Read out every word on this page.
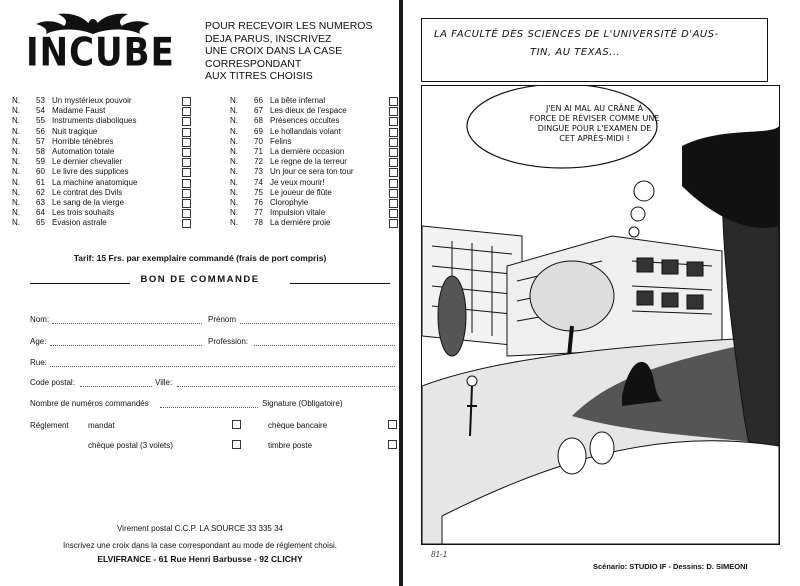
INCUBE
POUR RECEVOIR LES NUMEROS
DEJA PARUS, INSCRIVEZ
UNE CROIX DANS LA CASE
CORRESPONDANT
AUX TITRES CHOISIS
N. 53 Un mystérieux pouvoir
N. 54 Madame Faust
N. 55 Instruments diaboliques
N. 56 Nuit tragique
N. 57 Horrible ténèbres
N. 58 Automation totale
N. 59 Le dernier chevalier
N. 60 Le livre des supplices
N. 61 La machine anatomique
N. 62 Le contrat des Dvils
N. 63 Le sang de la vierge
N. 64 Les trois souhaits
N. 65 Evasion astrale
N. 66 La bête infernal
N. 67 Les dieux de l'espace
N. 68 Présences occultes
N. 69 Le hollandais volant
N. 70 Felins
N. 71 La dernière occasion
N. 72 Le regne de la terreur
N. 73 Un jour ce sera ton tour
N. 74 Je veux mourir!
N. 75 Le joueur de flûte
N. 76 Clorophyle
N. 77 Impulsion vitale
N. 78 La dernière proie
Tarif: 15 Frs. par exemplaire commandé (frais de port compris)
BON DE COMMANDE
Nom:	Prénom
Age:	Profession:
Rue:
Code postal:	Ville:
Nombre de numéros commandés	Signature (Obligatoire)
Réglement mandat	chèque bancaire
chèque postal (3 volets)	timbre poste
Virement postal C.C.P. LA SOURCE 33 335 34
Inscrivez une croix dans la case correspondant au mode de réglement choisi.
ELVIFRANCE - 61 Rue Henri Barbusse - 92 CLICHY
LA FACULTÉ DES SCIENCES DE L'UNIVERSITÉ D'AUS-
TIN, AU TEXAS...
J'EN AI MAL AU CRÂNE À
FORCE DE RÉVISER COMME UNE
DINGUE POUR L'EXAMEN DE
CET APRÈS-MIDI !
81-1
Scénario: STUDIO IF - Dessins: D. SIMEONI
